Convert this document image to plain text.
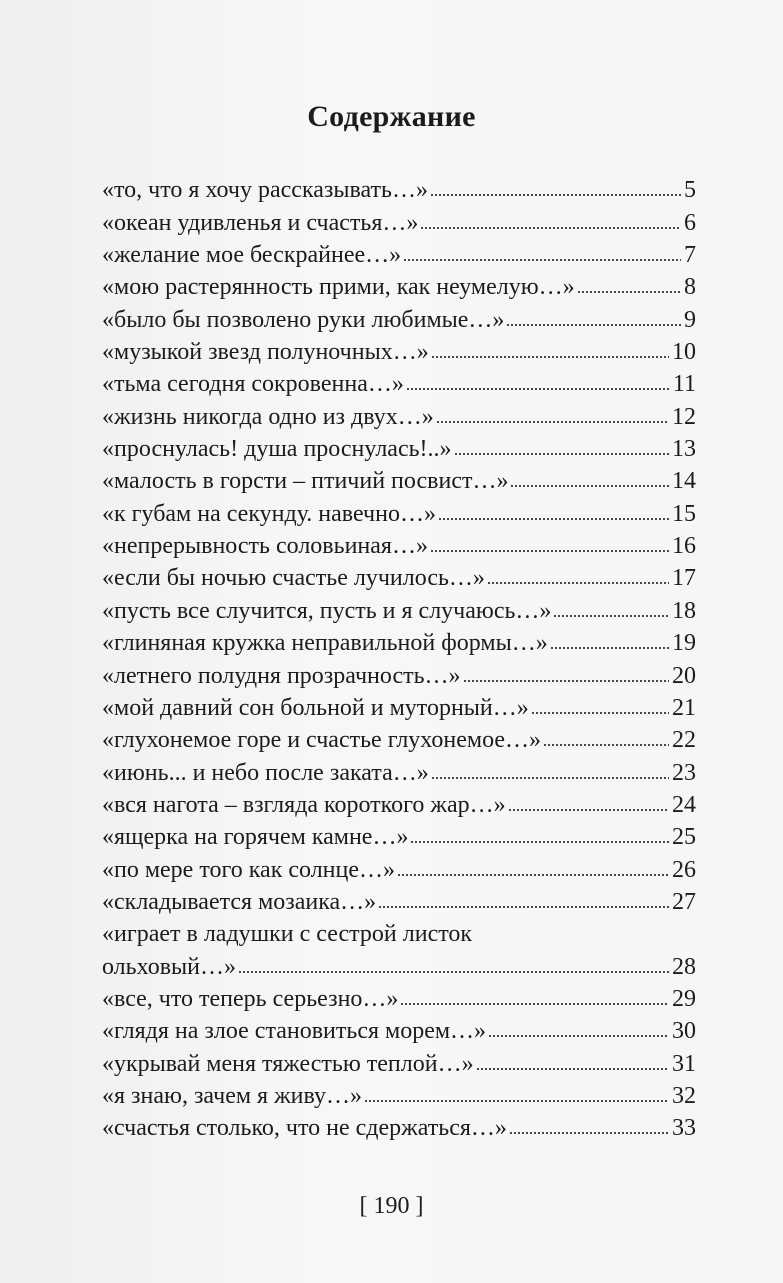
Содержание
«то, что я хочу рассказывать…»	5
«океан удивленья и счастья…»	6
«желание мое бескрайнее…»	7
«мою растерянность прими, как неумелую…»	8
«было бы позволено руки любимые…»	9
«музыкой звезд полуночных…»	10
«тьма сегодня сокровенна…»	11
«жизнь никогда одно из двух…»	12
«проснулась! душа проснулась!..»	13
«малость в горсти – птичий посвист…»	14
«к губам на секунду. навечно…»	15
«непрерывность соловьиная…»	16
«если бы ночью счастье лучилось…»	17
«пусть все случится, пусть и я случаюсь…»	18
«глиняная кружка неправильной формы…»	19
«летнего полудня прозрачность…»	20
«мой давний сон больной и муторный…»	21
«глухонемое горе и счастье глухонемое…»	22
«июнь... и небо после заката…»	23
«вся нагота – взгляда короткого жар…»	24
«ящерка на горячем камне…»	25
«по мере того как солнце…»	26
«складывается мозаика…»	27
«играет в ладушки с сестрой листок
ольховый…»	28
«все, что теперь серьезно…»	29
«глядя на злое становиться морем…»	30
«укрывай меня тяжестью теплой…»	31
«я знаю, зачем я живу…»	32
«счастья столько, что не сдержаться…»	33
[ 190 ]
